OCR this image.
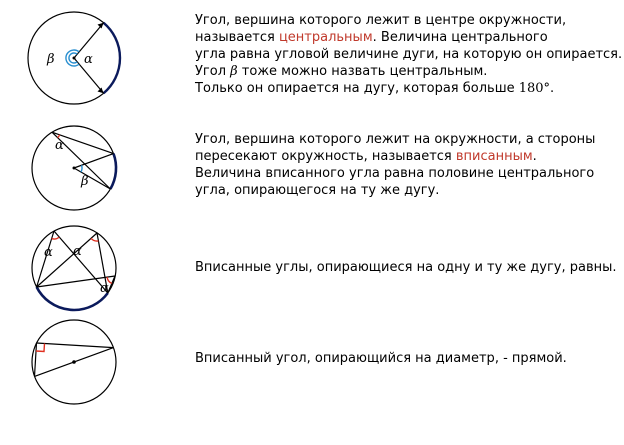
α
β
Угол, вершина которого лежит в центре окружности,
называется центральным. Величина центрального
угла равна угловой величине дуги, на которую он опирается.
Угол β тоже можно назвать центральным.
Только он опирается на дугу, которая больше 180°.
α
β
Угол, вершина которого лежит на окружности, а стороны
пересекают окружность, называется вписанным.
Величина вписанного угла равна половине центрального
угла, опирающегося на ту же дугу.
α α
α
Вписанные углы, опирающиеся на одну и ту же дугу, равны.
Вписанный угол, опирающийся на диаметр, - прямой.
